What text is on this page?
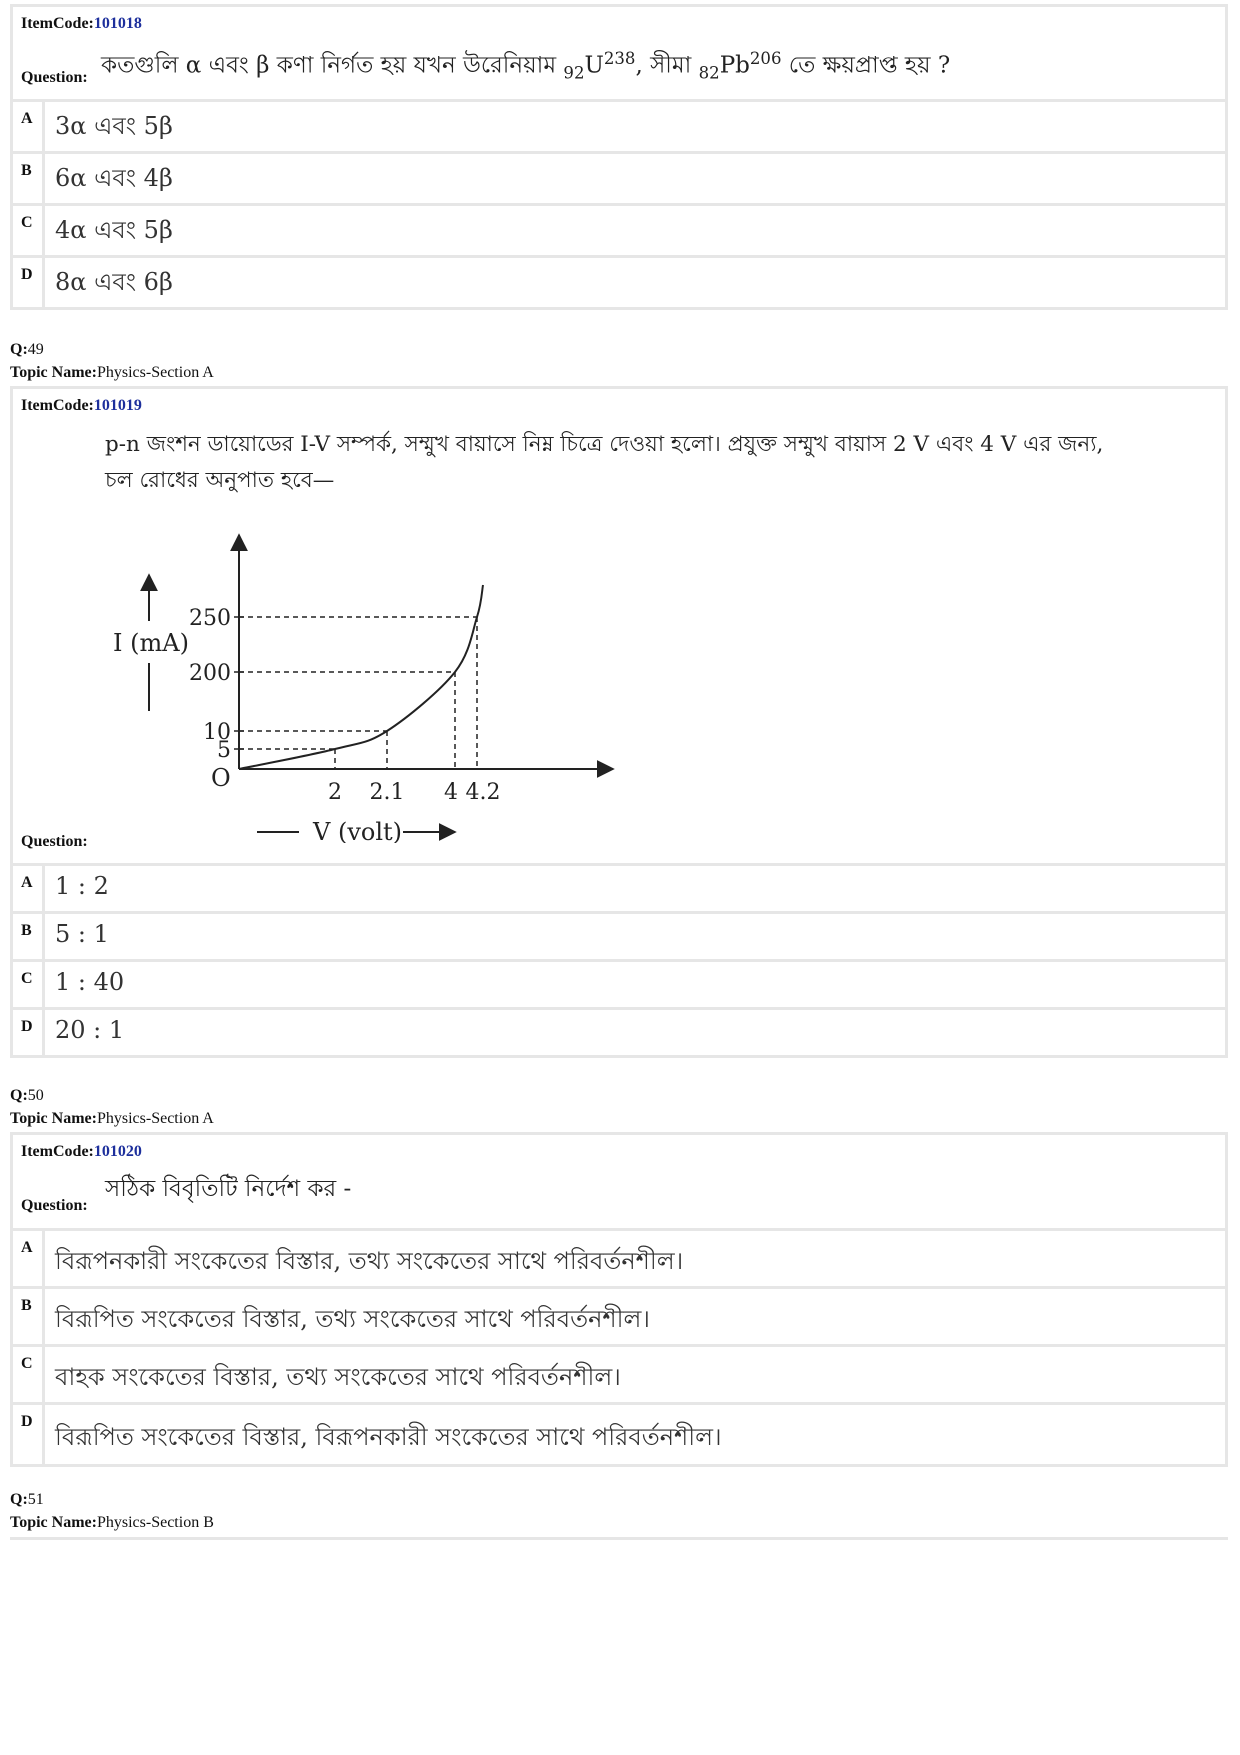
ItemCode:101018
কতগুলি α এবং β কণা নির্গত হয় যখন উরেনিয়াম $_{92}U^{238}$, সীমা $_{82}Pb^{206}$ তে ক্ষয়প্রাপ্ত হয় ?
Question:
A 3α এবং 5β
B 6α এবং 4β
C 4α এবং 5β
D 8α এবং 6β
Q:49
Topic Name:Physics-Section A
ItemCode:101019
p-n জংশন ডায়োডের I-V সম্পর্ক, সম্মুখ বায়াসে নিম্ন চিত্রে দেওয়া হলো। প্রযুক্ত সম্মুখ বায়াস 2 V এবং 4 V এর জন্য,
চল রোধের অনুপাত হবে—
5
10
200
250
2 2.1 4 4.2
O
I (mA)
V (volt)
Question:
A 1 : 2
B 5 : 1
C 1 : 40
D 20 : 1
Q:50
Topic Name:Physics-Section A
ItemCode:101020
সঠিক বিবৃতিটি নির্দেশ কর -
Question:
A বিরূপনকারী সংকেতের বিস্তার, তথ্য সংকেতের সাথে পরিবর্তনশীল।
B বিরূপিত সংকেতের বিস্তার, তথ্য সংকেতের সাথে পরিবর্তনশীল।
C বাহক সংকেতের বিস্তার, তথ্য সংকেতের সাথে পরিবর্তনশীল।
D
বিরূপিত সংকেতের বিস্তার, বিরূপনকারী সংকেতের সাথে পরিবর্তনশীল।
Q:51
Topic Name:Physics-Section B
